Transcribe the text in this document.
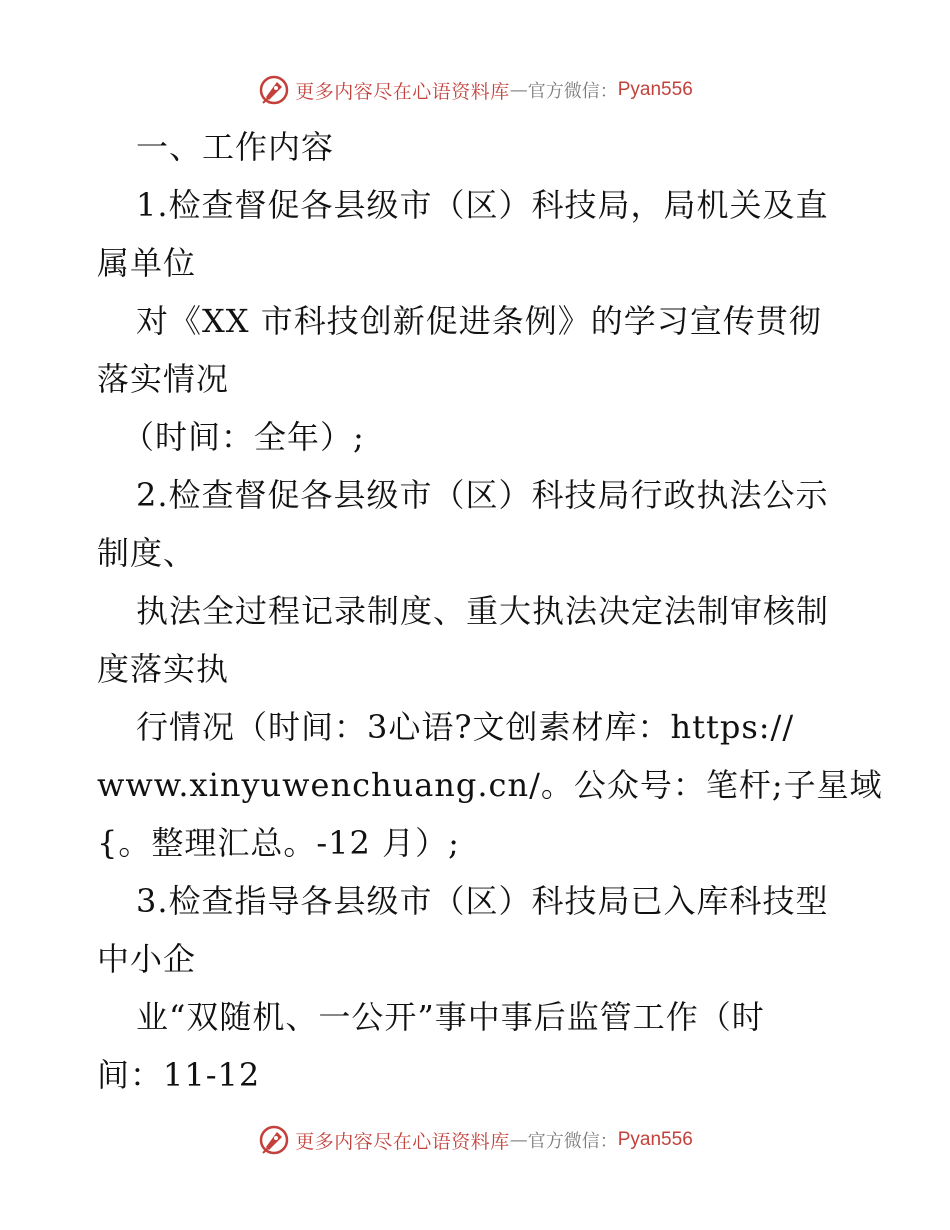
更多内容尽在心语资料库 — 官方微信： Pyan556
一、工作内容
1.检查督促各县级市（区）科技局，局机关及直
属单位
对《XX 市科技创新促进条例》的学习宣传贯彻
落实情况
（时间：全年）;
2.检查督促各县级市（区）科技局行政执法公示
制度、
执法全过程记录制度、重大执法决定法制审核制
度落实执
行情况（时间：3心语?文创素材库：https://
www.xinyuwenchuang.cn/。公众号：笔杆;子星域
{。整理汇总。-12 月）;
3.检查指导各县级市（区）科技局已入库科技型
中小企
业“双随机、一公开”事中事后监管工作（时
间：11-12
更多内容尽在心语资料库 — 官方微信： Pyan556
